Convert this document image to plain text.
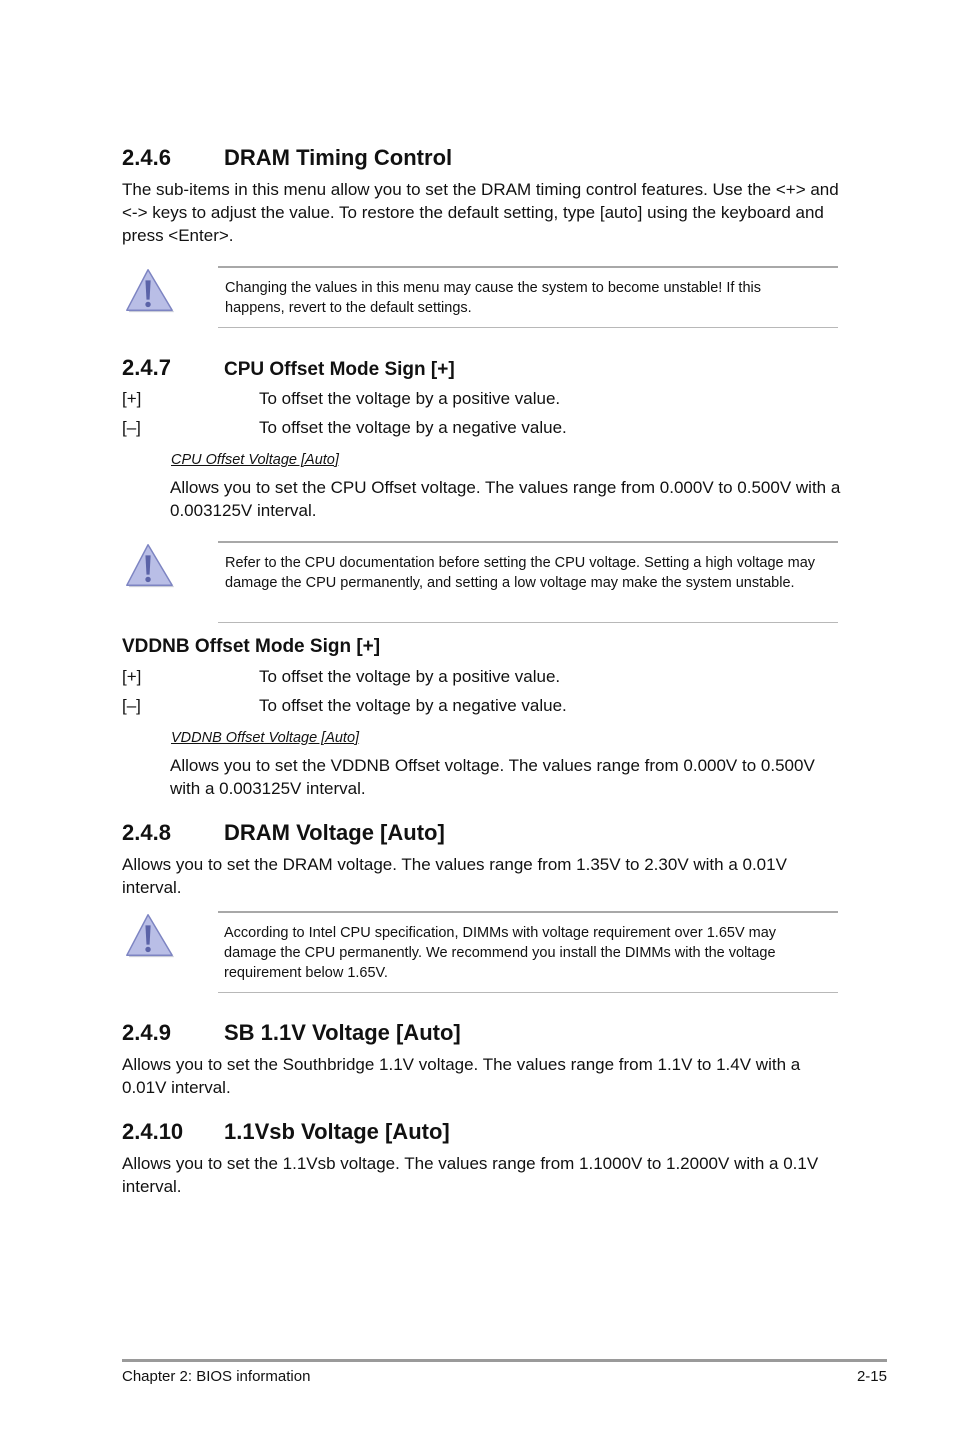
2.4.6 DRAM Timing Control
The sub-items in this menu allow you to set the DRAM timing control features. Use the <+> and <-> keys to adjust the value. To restore the default setting, type [auto] using the keyboard and press <Enter>.
Changing the values in this menu may cause the system to become unstable! If this happens, revert to the default settings.
2.4.7	CPU Offset Mode Sign [+]
[+]	To offset the voltage by a positive value.
[–]	To offset the voltage by a negative value.
CPU Offset Voltage [Auto]
Allows you to set the CPU Offset voltage. The values range from 0.000V to 0.500V with a 0.003125V interval.
Refer to the CPU documentation before setting the CPU voltage. Setting a high voltage may damage the CPU permanently, and setting a low voltage may make the system unstable.
VDDNB Offset Mode Sign [+]
[+]	To offset the voltage by a positive value.
[–]	To offset the voltage by a negative value.
VDDNB Offset Voltage [Auto]
Allows you to set the VDDNB Offset voltage. The values range from 0.000V to 0.500V with a 0.003125V interval.
2.4.8 DRAM Voltage [Auto]
Allows you to set the DRAM voltage. The values range from 1.35V to 2.30V with a 0.01V interval.
According to Intel CPU specification, DIMMs with voltage requirement over 1.65V may damage the CPU permanently. We recommend you install the DIMMs with the voltage requirement below 1.65V.
2.4.9 SB 1.1V Voltage [Auto]
Allows you to set the Southbridge 1.1V voltage. The values range from 1.1V to 1.4V with a 0.01V interval.
2.4.10 1.1Vsb Voltage [Auto]
Allows you to set the 1.1Vsb voltage. The values range from 1.1000V to 1.2000V with a 0.1V interval.
Chapter 2: BIOS information	2-15
